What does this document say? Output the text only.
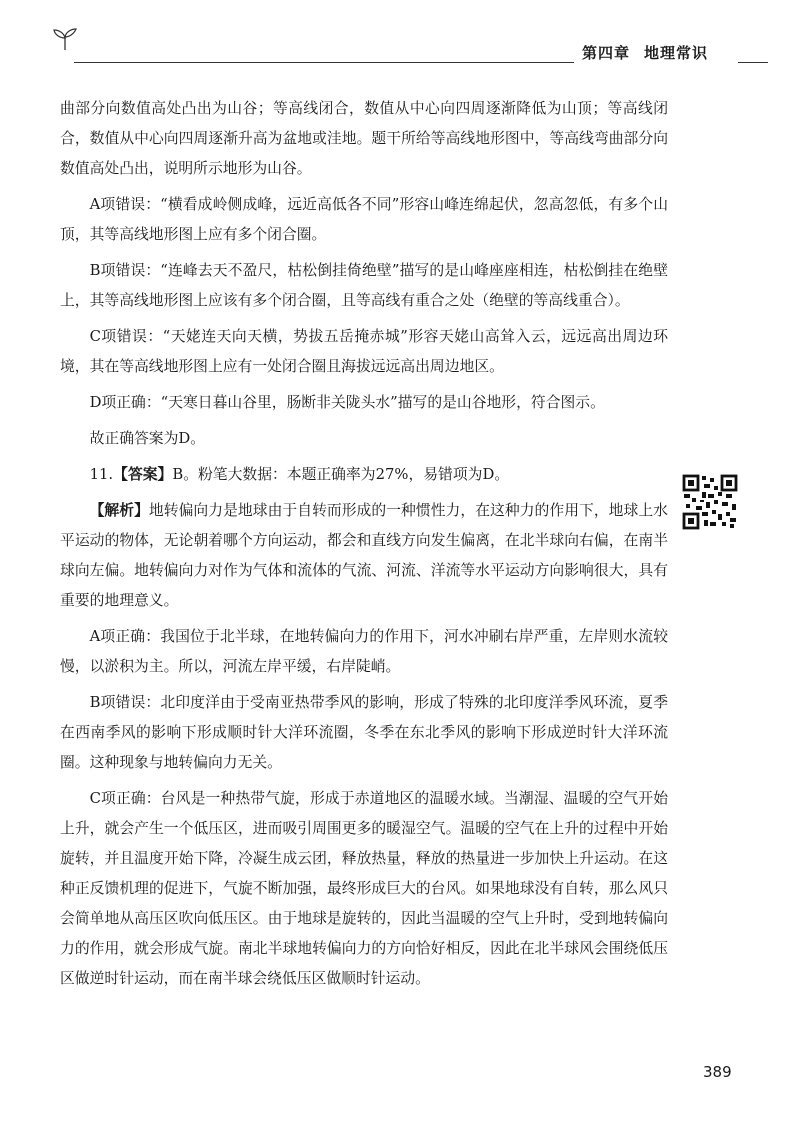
第四章 地理常识

曲部分向数值高处凸出为山谷；等高线闭合，数值从中心向四周逐渐降低为山顶；等高线闭合，数值从中心向四周逐渐升高为盆地或洼地。题干所给等高线地形图中，等高线弯曲部分向数值高处凸出，说明所示地形为山谷。

A项错误：“横看成岭侧成峰，远近高低各不同”形容山峰连绵起伏，忽高忽低，有多个山顶，其等高线地形图上应有多个闭合圈。

B项错误：“连峰去天不盈尺，枯松倒挂倚绝壁”描写的是山峰座座相连，枯松倒挂在绝壁上，其等高线地形图上应该有多个闭合圈，且等高线有重合之处（绝壁的等高线重合）。

C项错误：“天姥连天向天横，势拔五岳掩赤城”形容天姥山高耸入云，远远高出周边环境，其在等高线地形图上应有一处闭合圈且海拔远远高出周边地区。

D项正确：“天寒日暮山谷里，肠断非关陇头水”描写的是山谷地形，符合图示。

故正确答案为D。

11.【答案】B。粉笔大数据：本题正确率为27%，易错项为D。

【解析】地转偏向力是地球由于自转而形成的一种惯性力，在这种力的作用下，地球上水平运动的物体，无论朝着哪个方向运动，都会和直线方向发生偏离，在北半球向右偏，在南半球向左偏。地转偏向力对作为气体和流体的气流、河流、洋流等水平运动方向影响很大，具有重要的地理意义。

A项正确：我国位于北半球，在地转偏向力的作用下，河水冲刷右岸严重，左岸则水流较慢，以淤积为主。所以，河流左岸平缓，右岸陡峭。

B项错误：北印度洋由于受南亚热带季风的影响，形成了特殊的北印度洋季风环流，夏季在西南季风的影响下形成顺时针大洋环流圈，冬季在东北季风的影响下形成逆时针大洋环流圈。这种现象与地转偏向力无关。

C项正确：台风是一种热带气旋，形成于赤道地区的温暖水域。当潮湿、温暖的空气开始上升，就会产生一个低压区，进而吸引周围更多的暖湿空气。温暖的空气在上升的过程中开始旋转，并且温度开始下降，冷凝生成云团，释放热量，释放的热量进一步加快上升运动。在这种正反馈机理的促进下，气旋不断加强，最终形成巨大的台风。如果地球没有自转，那么风只会简单地从高压区吹向低压区。由于地球是旋转的，因此当温暖的空气上升时，受到地转偏向力的作用，就会形成气旋。南北半球地转偏向力的方向恰好相反，因此在北半球风会围绕低压区做逆时针运动，而在南半球会绕低压区做顺时针运动。

389
